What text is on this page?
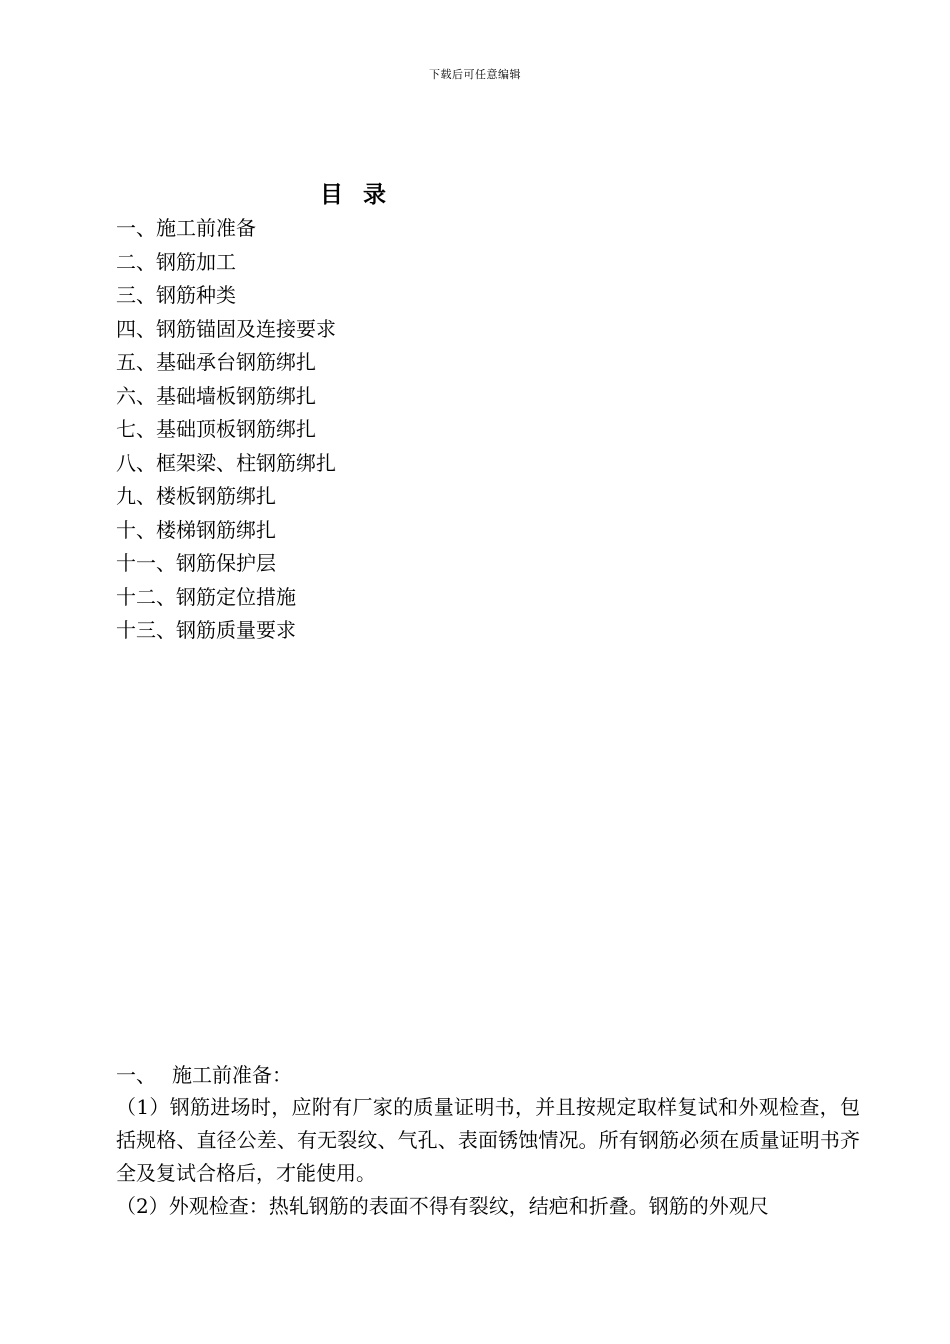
下载后可任意编辑
目录
一、施工前准备
二、钢筋加工
三、钢筋种类
四、钢筋锚固及连接要求
五、基础承台钢筋绑扎
六、基础墙板钢筋绑扎
七、基础顶板钢筋绑扎
八、框架梁、柱钢筋绑扎
九、楼板钢筋绑扎
十、楼梯钢筋绑扎
十一、钢筋保护层
十二、钢筋定位措施
十三、钢筋质量要求
一、 施工前准备：

（1）钢筋进场时，应附有厂家的质量证明书，并且按规定取样复试和外观检查，包括规格、直径公差、有无裂纹、气孔、表面锈蚀情况。所有钢筋必须在质量证明书齐全及复试合格后，才能使用。

（2）外观检查：热轧钢筋的表面不得有裂纹，结疤和折叠。钢筋的外观尺
